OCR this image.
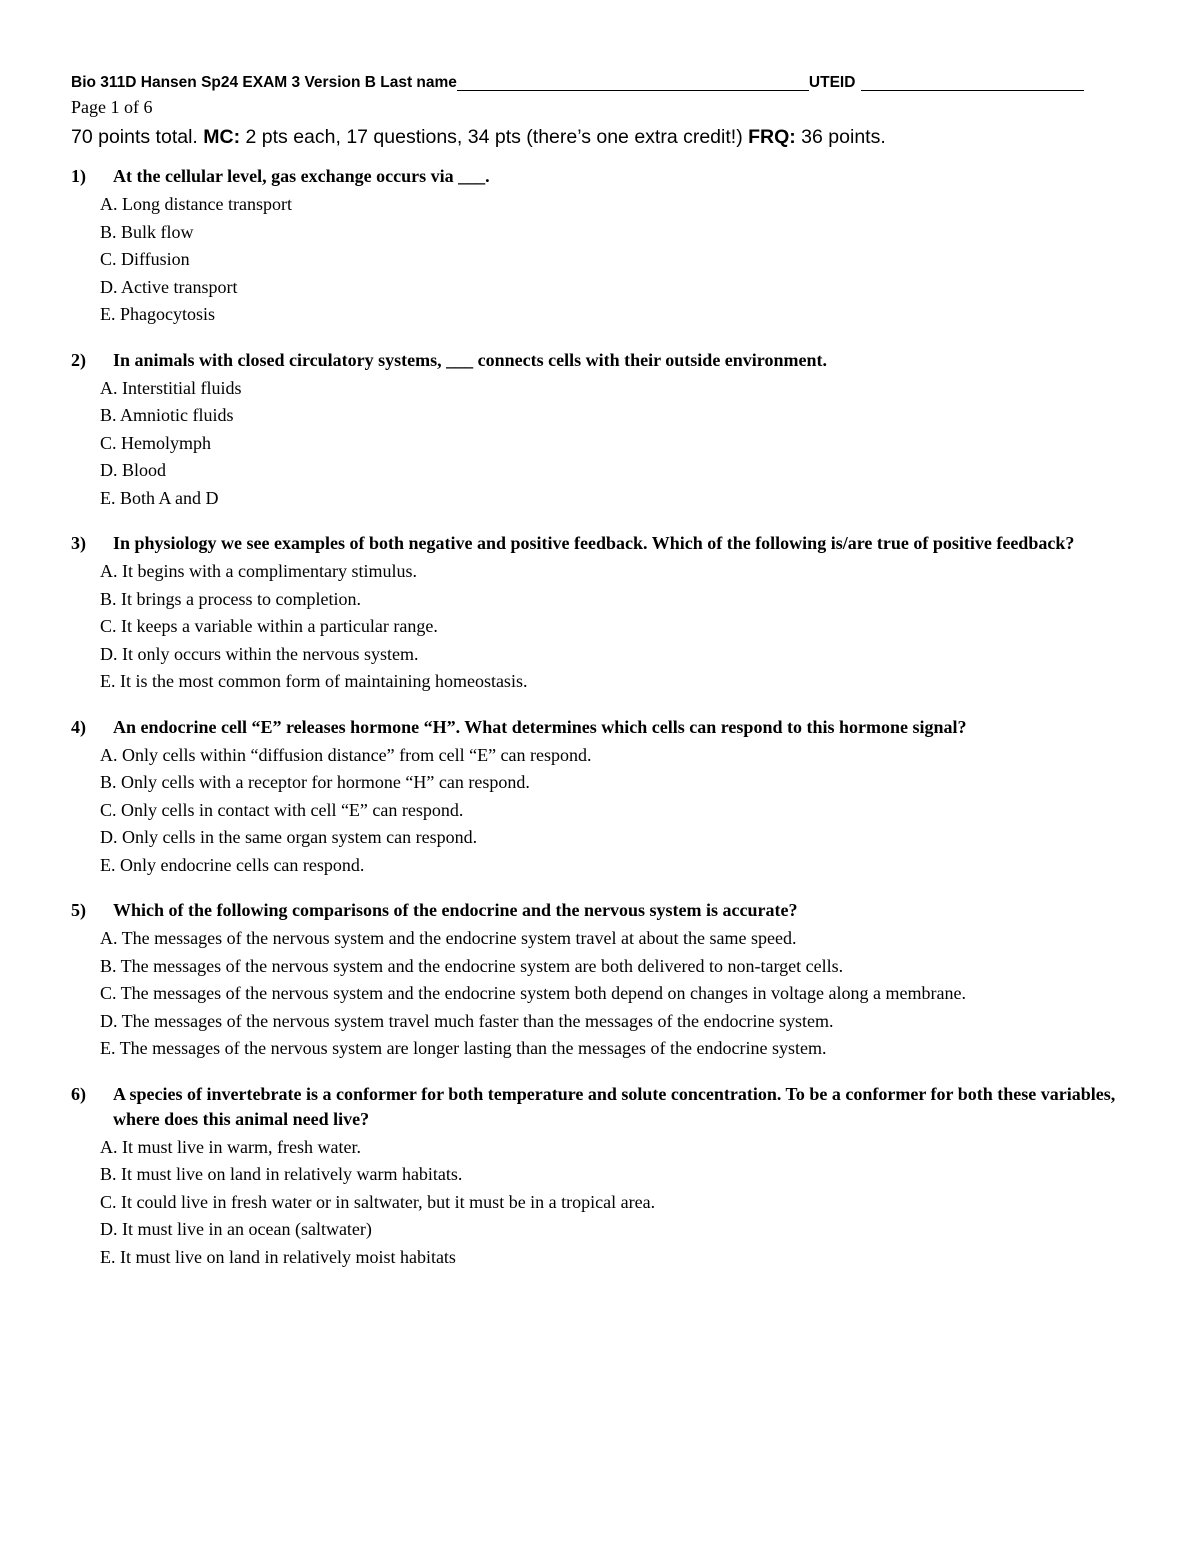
Bio 311D Hansen Sp24 EXAM 3 Version B Last name	UTEID
Page 1 of 6
70 points total. MC: 2 pts each, 17 questions, 34 pts (there’s one extra credit!) FRQ: 36 points.
1)	At the cellular level, gas exchange occurs via ___.
A. Long distance transport
B. Bulk flow
C. Diffusion
D. Active transport
E. Phagocytosis
2)	In animals with closed circulatory systems, ___ connects cells with their outside environment.
A. Interstitial fluids
B. Amniotic fluids
C. Hemolymph
D. Blood
E. Both A and D
3)	In physiology we see examples of both negative and positive feedback. Which of the following is/are true of positive feedback?
A. It begins with a complimentary stimulus.
B. It brings a process to completion.
C. It keeps a variable within a particular range.
D. It only occurs within the nervous system.
E. It is the most common form of maintaining homeostasis.
4)	An endocrine cell “E” releases hormone “H”. What determines which cells can respond to this hormone signal?
A. Only cells within “diffusion distance” from cell “E” can respond.
B. Only cells with a receptor for hormone “H” can respond.
C. Only cells in contact with cell “E” can respond.
D. Only cells in the same organ system can respond.
E. Only endocrine cells can respond.
5)	Which of the following comparisons of the endocrine and the nervous system is accurate?
A. The messages of the nervous system and the endocrine system travel at about the same speed.
B. The messages of the nervous system and the endocrine system are both delivered to non-target cells.
C. The messages of the nervous system and the endocrine system both depend on changes in voltage along a membrane.
D. The messages of the nervous system travel much faster than the messages of the endocrine system.
E. The messages of the nervous system are longer lasting than the messages of the endocrine system.
6)	A species of invertebrate is a conformer for both temperature and solute concentration. To be a conformer for both these variables, where does this animal need live?
A. It must live in warm, fresh water.
B. It must live on land in relatively warm habitats.
C. It could live in fresh water or in saltwater, but it must be in a tropical area.
D. It must live in an ocean (saltwater)
E. It must live on land in relatively moist habitats
